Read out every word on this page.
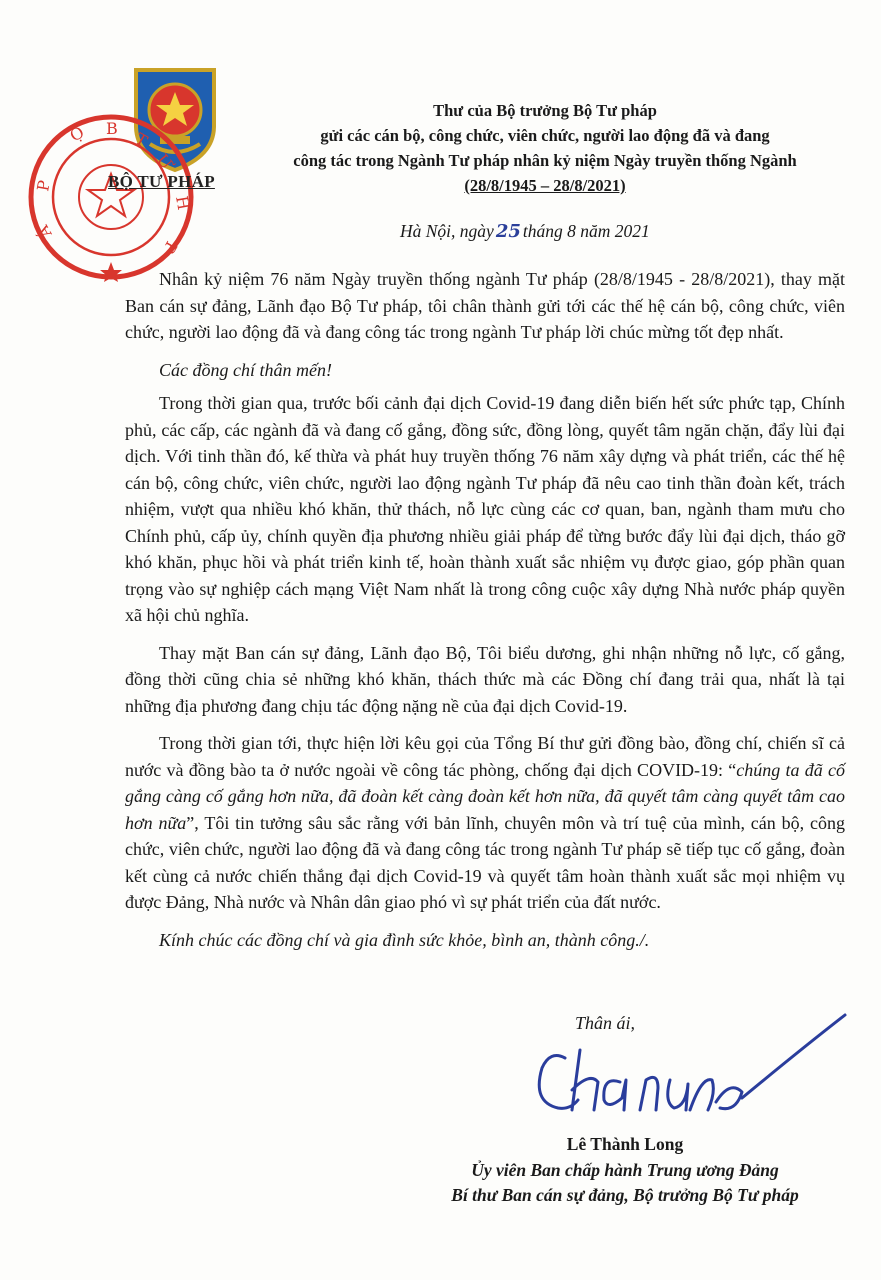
B
Ộ	T
Ư
P
H
Á
P
BỘ TƯ PHÁP
Thư của Bộ trưởng Bộ Tư pháp
gửi các cán bộ, công chức, viên chức, người lao động đã và đang
công tác trong Ngành Tư pháp nhân kỷ niệm Ngày truyền thống Ngành
(28/8/1945 – 28/8/2021)
Hà Nội, ngày 25 tháng 8 năm 2021

Nhân kỷ niệm 76 năm Ngày truyền thống ngành Tư pháp (28/8/1945 - 28/8/2021), thay mặt Ban cán sự đảng, Lãnh đạo Bộ Tư pháp, tôi chân thành gửi tới các thế hệ cán bộ, công chức, viên chức, người lao động đã và đang công tác trong ngành Tư pháp lời chúc mừng tốt đẹp nhất.

Các đồng chí thân mến!

Trong thời gian qua, trước bối cảnh đại dịch Covid-19 đang diễn biến hết sức phức tạp, Chính phủ, các cấp, các ngành đã và đang cố gắng, đồng sức, đồng lòng, quyết tâm ngăn chặn, đẩy lùi đại dịch. Với tinh thần đó, kế thừa và phát huy truyền thống 76 năm xây dựng và phát triển, các thế hệ cán bộ, công chức, viên chức, người lao động ngành Tư pháp đã nêu cao tinh thần đoàn kết, trách nhiệm, vượt qua nhiều khó khăn, thử thách, nỗ lực cùng các cơ quan, ban, ngành tham mưu cho Chính phủ, cấp ủy, chính quyền địa phương nhiều giải pháp để từng bước đẩy lùi đại dịch, tháo gỡ khó khăn, phục hồi và phát triển kinh tế, hoàn thành xuất sắc nhiệm vụ được giao, góp phần quan trọng vào sự nghiệp cách mạng Việt Nam nhất là trong công cuộc xây dựng Nhà nước pháp quyền xã hội chủ nghĩa.

Thay mặt Ban cán sự đảng, Lãnh đạo Bộ, Tôi biểu dương, ghi nhận những nỗ lực, cố gắng, đồng thời cũng chia sẻ những khó khăn, thách thức mà các Đồng chí đang trải qua, nhất là tại những địa phương đang chịu tác động nặng nề của đại dịch Covid-19.

Trong thời gian tới, thực hiện lời kêu gọi của Tổng Bí thư gửi đồng bào, đồng chí, chiến sĩ cả nước và đồng bào ta ở nước ngoài về công tác phòng, chống đại dịch COVID-19: “chúng ta đã cố gắng càng cố gắng hơn nữa, đã đoàn kết càng đoàn kết hơn nữa, đã quyết tâm càng quyết tâm cao hơn nữa”, Tôi tin tưởng sâu sắc rằng với bản lĩnh, chuyên môn và trí tuệ của mình, cán bộ, công chức, viên chức, người lao động đã và đang công tác trong ngành Tư pháp sẽ tiếp tục cố gắng, đoàn kết cùng cả nước chiến thắng đại dịch Covid-19 và quyết tâm hoàn thành xuất sắc mọi nhiệm vụ được Đảng, Nhà nước và Nhân dân giao phó vì sự phát triển của đất nước.

Kính chúc các đồng chí và gia đình sức khỏe, bình an, thành công./.

Thân ái,
Lê Thành Long
Ủy viên Ban chấp hành Trung ương Đảng
Bí thư Ban cán sự đảng, Bộ trưởng Bộ Tư pháp
